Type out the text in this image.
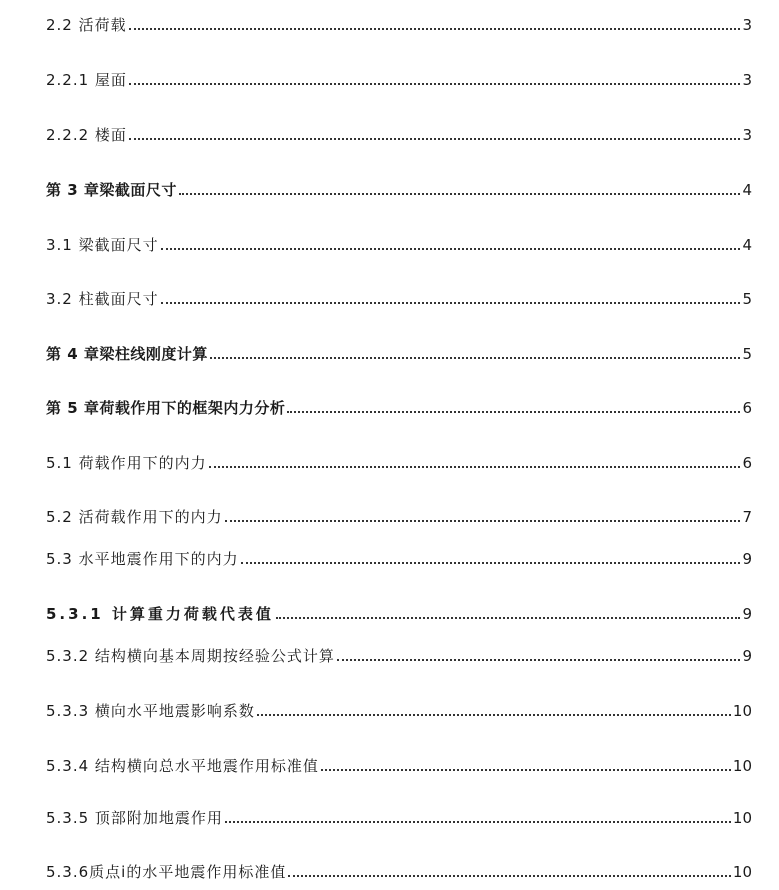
2.2 活荷载	3
2.2.1 屋面	3
2.2.2 楼面	3
第 3 章梁截面尺寸	4
3.1 梁截面尺寸	4
3.2 柱截面尺寸	5
第 4 章梁柱线刚度计算	5
第 5 章荷载作用下的框架内力分析	6
5.1 荷载作用下的内力	6
5.2 活荷载作用下的内力	7
5.3 水平地震作用下的内力	9
5.3.1 计算重力荷载代表值	9
5.3.2 结构横向基本周期按经验公式计算	9
5.3.3 横向水平地震影响系数	10
5.3.4 结构横向总水平地震作用标准值	10
5.3.5 顶部附加地震作用	10
5.3.6质点i的水平地震作用标准值	10
